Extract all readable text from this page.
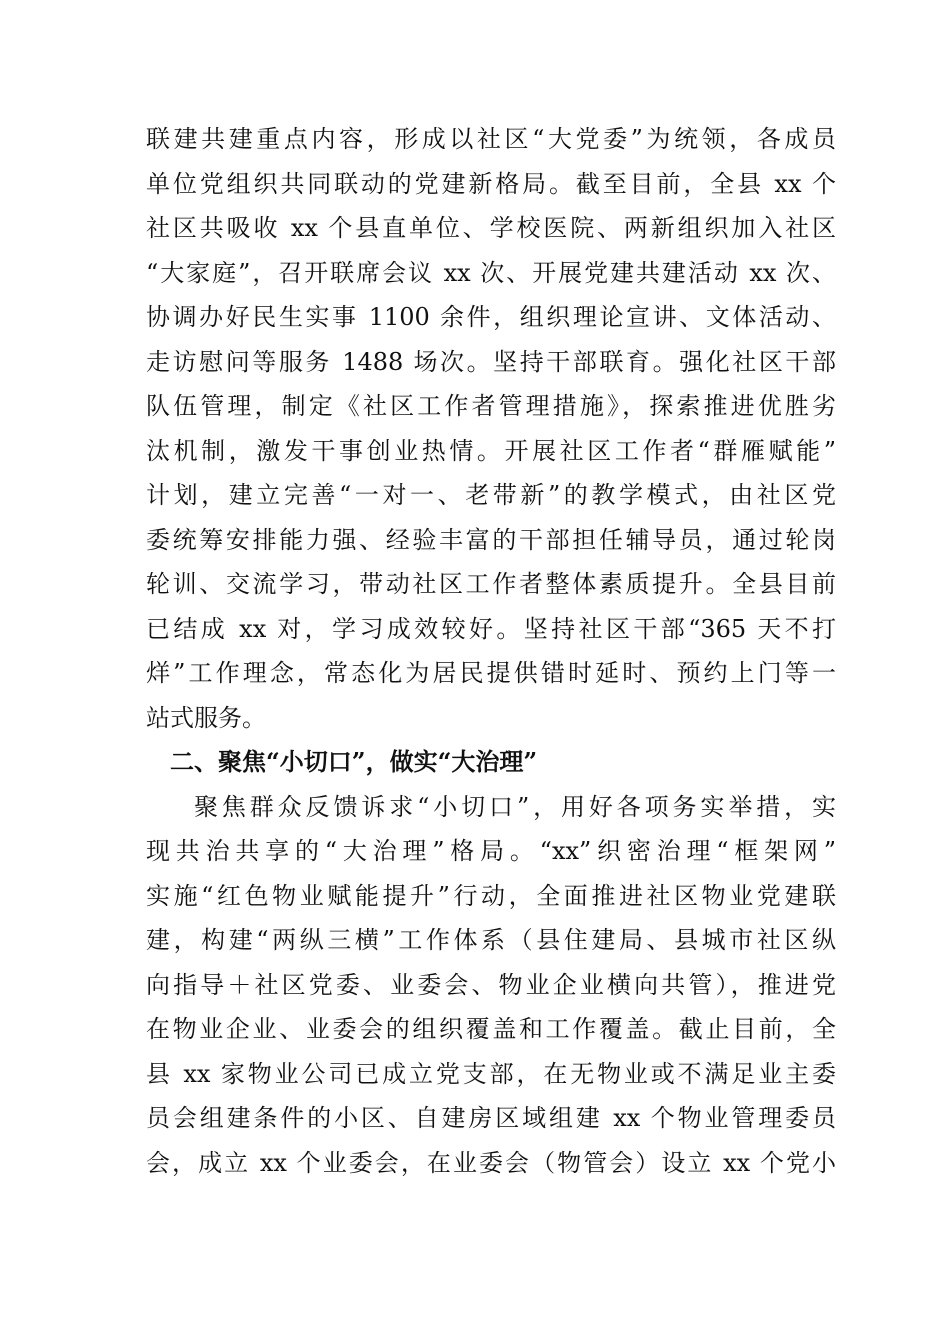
联建共建重点内容，形成以社区“大党委”为统领，各成员
单位党组织共同联动的党建新格局。截至目前，全县 xx 个
社区共吸收 xx 个县直单位、学校医院、两新组织加入社区
“大家庭”，召开联席会议 xx 次、开展党建共建活动 xx 次、
协调办好民生实事 1100 余件，组织理论宣讲、文体活动、
走访慰问等服务 1488 场次。坚持干部联育。强化社区干部
队伍管理，制定《社区工作者管理措施》，探索推进优胜劣
汰机制，激发干事创业热情。开展社区工作者“群雁赋能”
计划，建立完善“一对一、老带新”的教学模式，由社区党
委统筹安排能力强、经验丰富的干部担任辅导员，通过轮岗
轮训、交流学习，带动社区工作者整体素质提升。全县目前
已结成 xx 对，学习成效较好。坚持社区干部“365 天不打
烊”工作理念，常态化为居民提供错时延时、预约上门等一
站式服务。
二、聚焦“小切口”，做实“大治理”
聚焦群众反馈诉求“小切口”，用好各项务实举措，实
现共治共享的“大治理”格局。“xx”织密治理“框架网”
实施“红色物业赋能提升”行动，全面推进社区物业党建联
建，构建“两纵三横”工作体系（县住建局、县城市社区纵
向指导＋社区党委、业委会、物业企业横向共管），推进党
在物业企业、业委会的组织覆盖和工作覆盖。截止目前，全
县 xx 家物业公司已成立党支部，在无物业或不满足业主委
员会组建条件的小区、自建房区域组建 xx 个物业管理委员
会，成立 xx 个业委会，在业委会（物管会）设立 xx 个党小
